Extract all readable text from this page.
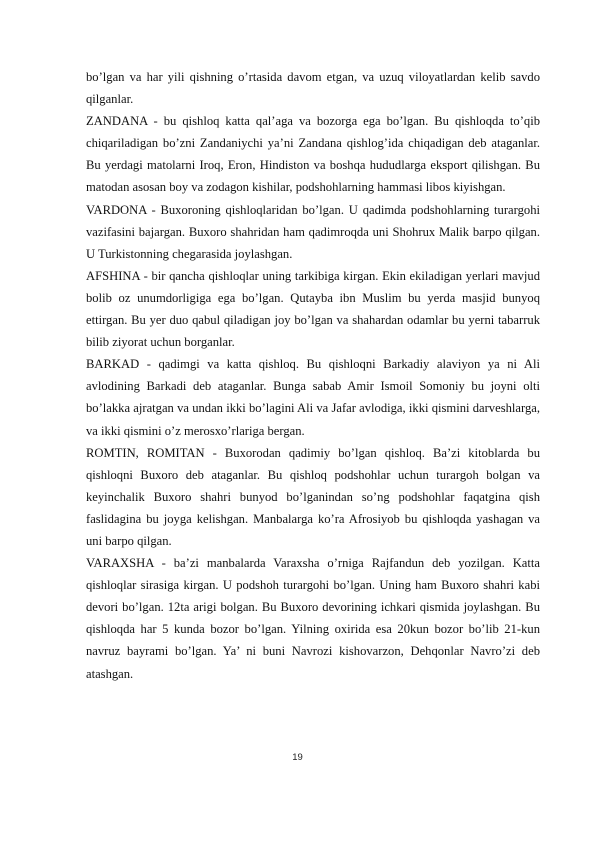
bo’lgan va har yili qishning o’rtasida davom etgan, va uzuq viloyatlardan kelib savdo qilganlar.

ZANDANA - bu qishloq katta qal’aga va bozorga ega bo’lgan. Bu qishloqda to’qib chiqariladigan bo’zni Zandaniychi ya’ni Zandana qishlog’ida chiqadigan deb ataganlar. Bu yerdagi matolarni Iroq, Eron, Hindiston va boshqa hududlarga eksport qilishgan. Bu matodan asosan boy va zodagon kishilar, podshohlarning hammasi libos kiyishgan.

VARDONA - Buxoroning qishloqlaridan bo’lgan. U qadimda podshohlarning turargohi vazifasini bajargan. Buxoro shahridan ham qadimroqda uni Shohrux Malik barpo qilgan. U Turkistonning chegarasida joylashgan.

AFSHINA - bir qancha qishloqlar uning tarkibiga kirgan. Ekin ekiladigan yerlari mavjud bolib oz unumdorligiga ega bo’lgan. Qutayba ibn Muslim bu yerda masjid bunyoq ettirgan. Bu yer duo qabul qiladigan joy bo’lgan va shahardan odamlar bu yerni tabarruk bilib ziyorat uchun borganlar.

BARKAD - qadimgi va katta qishloq. Bu qishloqni Barkadiy alaviyon ya ni Ali avlodining Barkadi deb ataganlar. Bunga sabab Amir Ismoil Somoniy bu joyni olti bo’lakka ajratgan va undan ikki bo’lagini Ali va Jafar avlodiga, ikki qismini darveshlarga, va ikki qismini o’z merosxo’rlariga bergan.

ROMTIN, ROMITAN - Buxorodan qadimiy bo’lgan qishloq. Ba’zi kitoblarda bu qishloqni Buxoro deb ataganlar. Bu qishloq podshohlar uchun turargoh bolgan va keyinchalik Buxoro shahri bunyod bo’lganindan so’ng podshohlar faqatgina qish faslidagina bu joyga kelishgan. Manbalarga ko’ra Afrosiyob bu qishloqda yashagan va uni barpo qilgan.

VARAXSHA - ba’zi manbalarda Varaxsha o’rniga Rajfandun deb yozilgan. Katta qishloqlar sirasiga kirgan. U podshoh turargohi bo’lgan. Uning ham Buxoro shahri kabi devori bo’lgan. 12ta arigi bolgan. Bu Buxoro devorining ichkari qismida joylashgan. Bu qishloqda har 5 kunda bozor bo’lgan. Yilning oxirida esa 20kun bozor bo’lib 21-kun navruz bayrami bo’lgan. Ya’ ni buni Navrozi kishovarzon, Dehqonlar Navro’zi deb atashgan.

19
